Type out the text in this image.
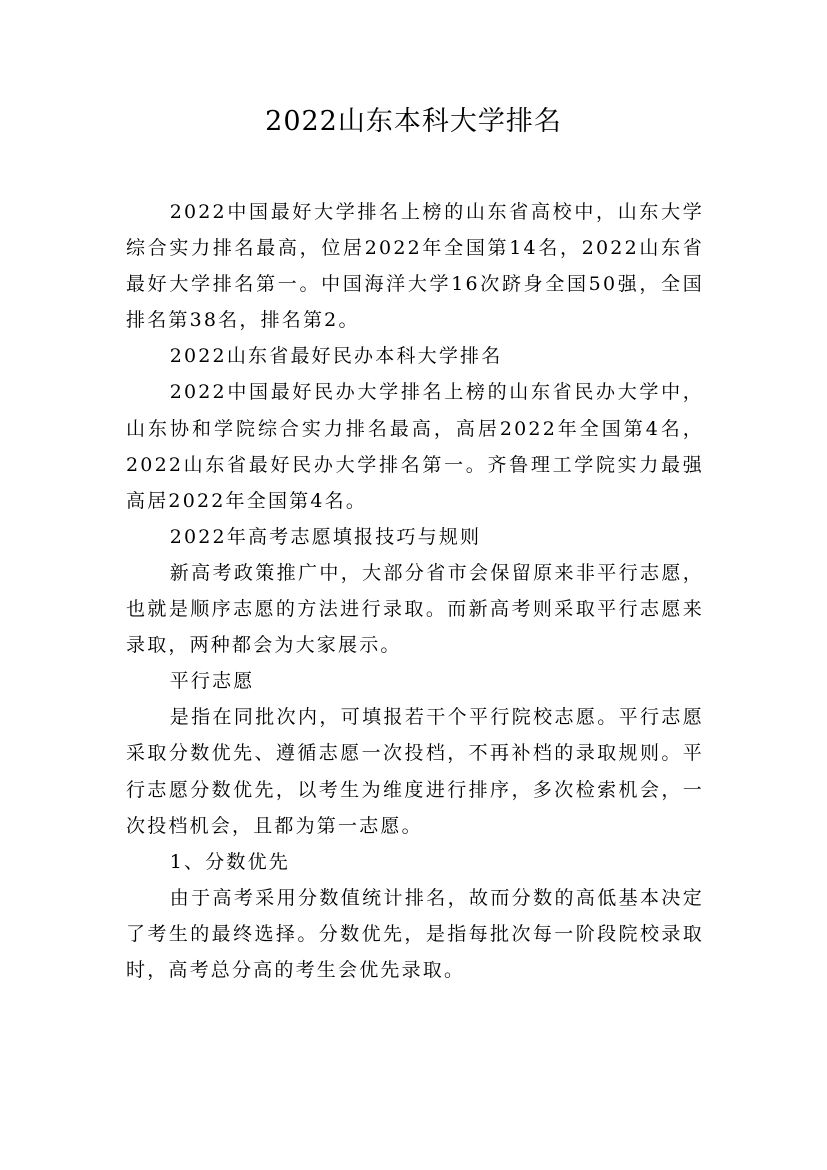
2022山东本科大学排名

2022中国最好大学排名上榜的山东省高校中，山东大学综合实力排名最高，位居2022年全国第14名，2022山东省最好大学排名第一。中国海洋大学16次跻身全国50强，全国排名第38名，排名第2。

2022山东省最好民办本科大学排名

2022中国最好民办大学排名上榜的山东省民办大学中，山东协和学院综合实力排名最高，高居2022年全国第4名，2022山东省最好民办大学排名第一。齐鲁理工学院实力最强高居2022年全国第4名。

2022年高考志愿填报技巧与规则

新高考政策推广中，大部分省市会保留原来非平行志愿，也就是顺序志愿的方法进行录取。而新高考则采取平行志愿来录取，两种都会为大家展示。

平行志愿

是指在同批次内，可填报若干个平行院校志愿。平行志愿采取分数优先、遵循志愿一次投档，不再补档的录取规则。平行志愿分数优先，以考生为维度进行排序，多次检索机会，一次投档机会，且都为第一志愿。

1、分数优先

由于高考采用分数值统计排名，故而分数的高低基本决定了考生的最终选择。分数优先，是指每批次每一阶段院校录取时，高考总分高的考生会优先录取。
